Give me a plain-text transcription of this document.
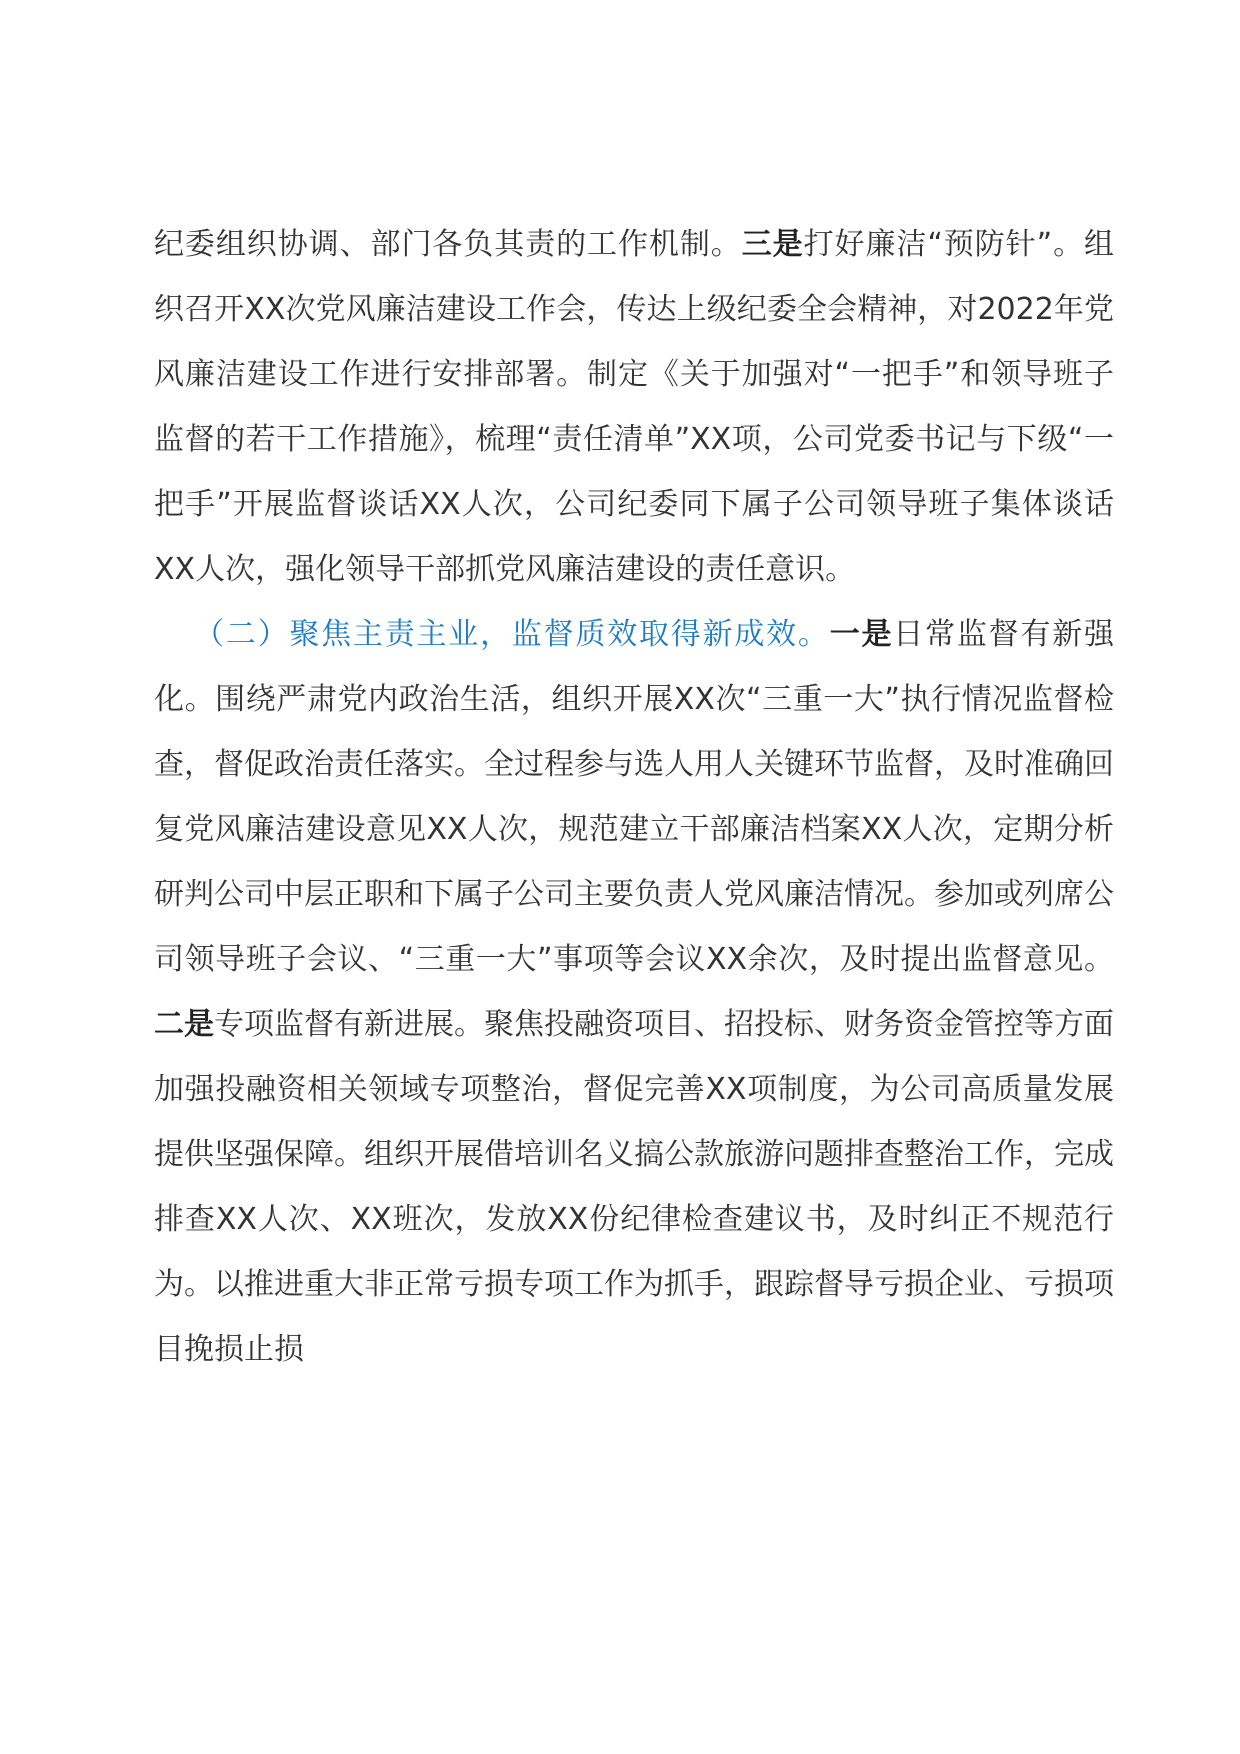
纪委组织协调、部门各负其责的工作机制。三是打好廉洁“预防针”。组织召开XX次党风廉洁建设工作会，传达上级纪委全会精神，对2022年党风廉洁建设工作进行安排部署。制定《关于加强对“一把手”和领导班子监督的若干工作措施》，梳理“责任清单”XX项，公司党委书记与下级“一把手”开展监督谈话XX人次，公司纪委同下属子公司领导班子集体谈话XX人次，强化领导干部抓党风廉洁建设的责任意识。

（二）聚焦主责主业，监督质效取得新成效。一是日常监督有新强化。围绕严肃党内政治生活，组织开展XX次“三重一大”执行情况监督检查，督促政治责任落实。全过程参与选人用人关键环节监督，及时准确回复党风廉洁建设意见XX人次，规范建立干部廉洁档案XX人次，定期分析研判公司中层正职和下属子公司主要负责人党风廉洁情况。参加或列席公司领导班子会议、“三重一大”事项等会议XX余次，及时提出监督意见。二是专项监督有新进展。聚焦投融资项目、招投标、财务资金管控等方面加强投融资相关领域专项整治，督促完善XX项制度，为公司高质量发展提供坚强保障。组织开展借培训名义搞公款旅游问题排查整治工作，完成排查XX人次、XX班次，发放XX份纪律检查建议书，及时纠正不规范行为。以推进重大非正常亏损专项工作为抓手，跟踪督导亏损企业、亏损项目挽损止损
